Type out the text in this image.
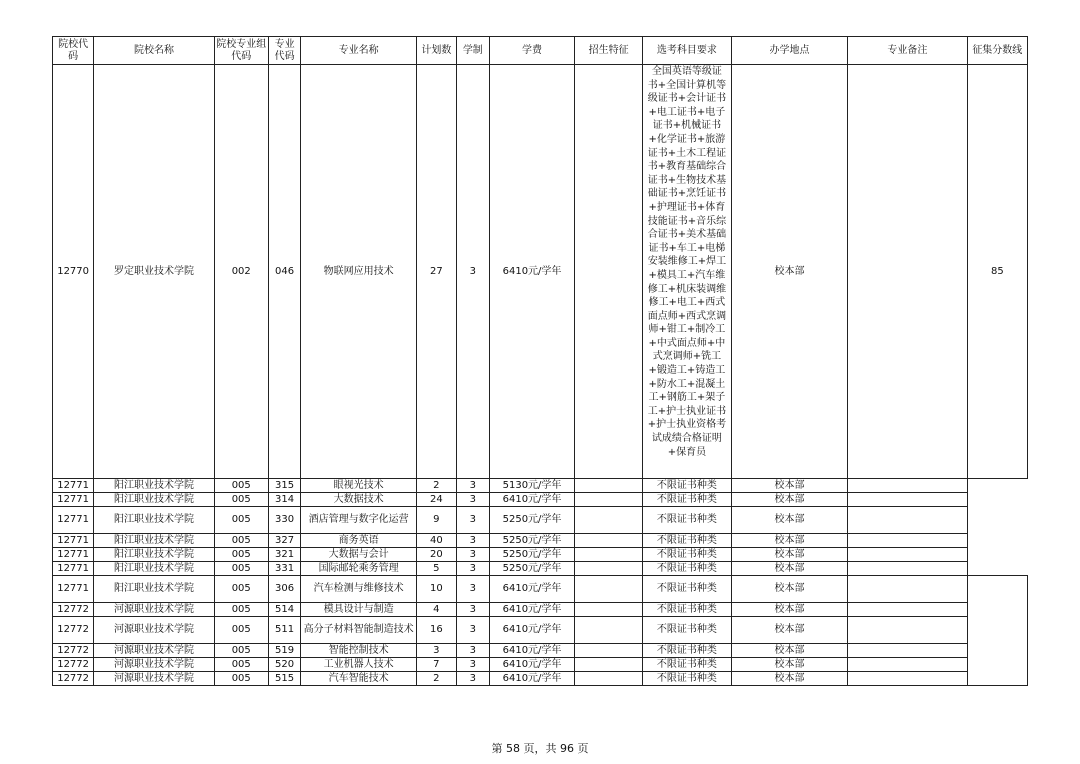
院校代码	院校名称	院校专业组代码	专业代码	专业名称	计划数	学制	学费	招生特征	选考科目要求	办学地点	专业备注	征集分数线
12770	罗定职业技术学院	002	046	物联网应用技术	27	3	6410元/学年		全国英语等级证书+全国计算机等级证书+会计证书+电工证书+电子证书+机械证书+化学证书+旅游证书+土木工程证书+教育基础综合证书+生物技术基础证书+烹饪证书+护理证书+体育技能证书+音乐综合证书+美术基础证书+车工+电梯安装维修工+焊工+模具工+汽车维修工+机床装调维修工+电工+西式面点师+西式烹调师+钳工+制冷工+中式面点师+中式烹调师+铣工+锻造工+铸造工+防水工+混凝土工+钢筋工+架子工+护士执业证书+护士执业资格考试成绩合格证明+保育员	校本部		85
12771	阳江职业技术学院	005	315	眼视光技术	2	3	5130元/学年		不限证书种类	校本部		
12771	阳江职业技术学院	005	314	大数据技术	24	3	6410元/学年		不限证书种类	校本部		
12771	阳江职业技术学院	005	330	酒店管理与数字化运营	9	3	5250元/学年		不限证书种类	校本部		
12771	阳江职业技术学院	005	327	商务英语	40	3	5250元/学年		不限证书种类	校本部		
12771	阳江职业技术学院	005	321	大数据与会计	20	3	5250元/学年		不限证书种类	校本部		
12771	阳江职业技术学院	005	331	国际邮轮乘务管理	5	3	5250元/学年		不限证书种类	校本部		
12771	阳江职业技术学院	005	306	汽车检测与维修技术	10	3	6410元/学年		不限证书种类	校本部		
12772	河源职业技术学院	005	514	模具设计与制造	4	3	6410元/学年		不限证书种类	校本部		
12772	河源职业技术学院	005	511	高分子材料智能制造技术	16	3	6410元/学年		不限证书种类	校本部		
12772	河源职业技术学院	005	519	智能控制技术	3	3	6410元/学年		不限证书种类	校本部		
12772	河源职业技术学院	005	520	工业机器人技术	7	3	6410元/学年		不限证书种类	校本部		
12772	河源职业技术学院	005	515	汽车智能技术	2	3	6410元/学年		不限证书种类	校本部		
第 58 页，共 96 页
